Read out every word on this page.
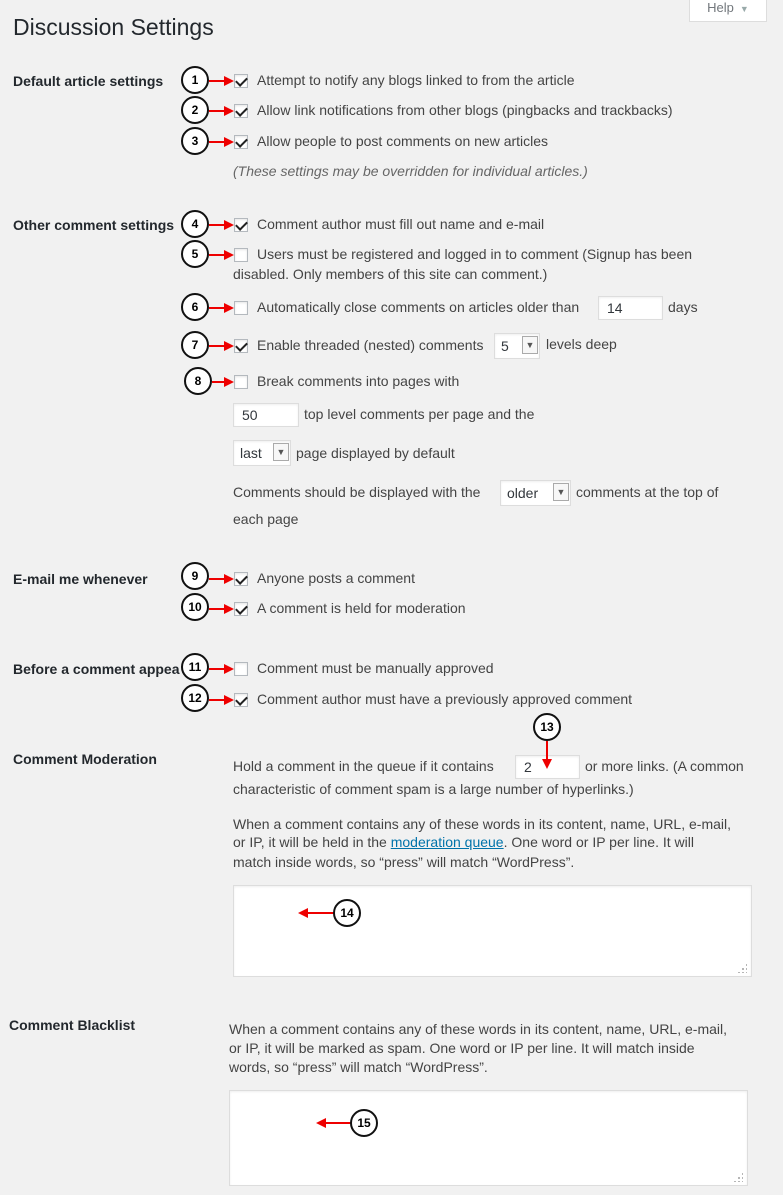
Discussion Settings
Help ▼
Default article settings	Attempt to notify any blogs linked to from the article
Allow link notifications from other blogs (pingbacks and trackbacks)
Allow people to post comments on new articles
(These settings may be overridden for individual articles.)
Other comment settings	Comment author must fill out name and e-mail
Users must be registered and logged in to comment (Signup has been
disabled. Only members of this site can comment.)
Automatically close comments on articles older than	14	days
Enable threaded (nested) comments	5	▼ levels deep
Break comments into pages with
50	top level comments per page and the
last	▼ page displayed by default
Comments should be displayed with the	older	▼ comments at the top of
each page
E-mail me whenever	Anyone posts a comment
A comment is held for moderation
Before a comment appea	Comment must be manually approved
Comment author must have a previously approved comment
Comment Moderation	Hold a comment in the queue if it contains	2	or more links. (A common
characteristic of comment spam is a large number of hyperlinks.)
When a comment contains any of these words in its content, name, URL, e-mail,
or IP, it will be held in the moderation queue. One word or IP per line. It will
match inside words, so “press” will match “WordPress”.
Comment Blacklist	When a comment contains any of these words in its content, name, URL, e-mail,
or IP, it will be marked as spam. One word or IP per line. It will match inside
words, so “press” will match “WordPress”.
1
2
3
4
5
6
7
8
9
10
11
12
13
14
15
